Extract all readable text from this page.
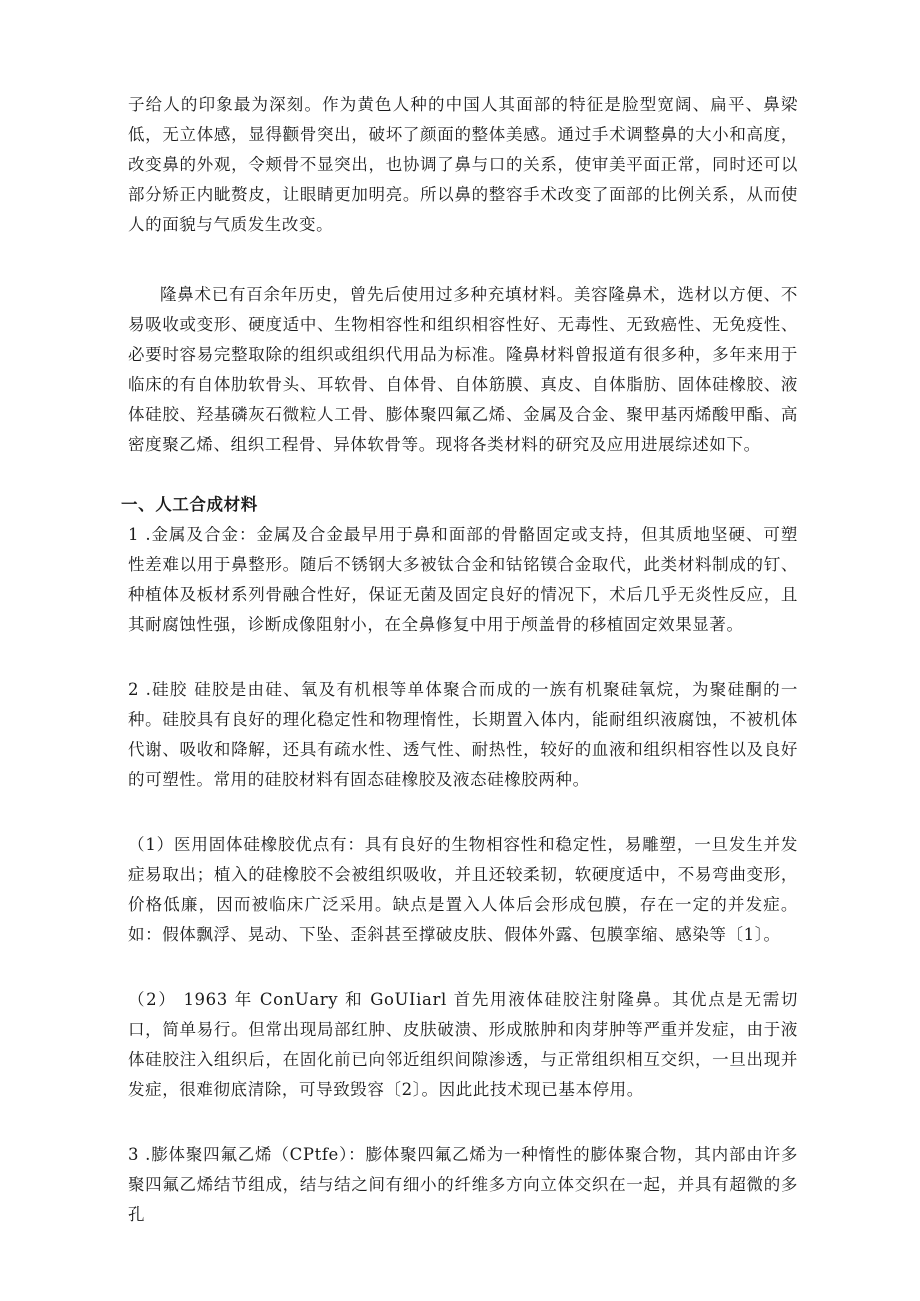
子给人的印象最为深刻。作为黄色人种的中国人其面部的特征是脸型宽阔、扁平、鼻梁低，无立体感，显得颧骨突出，破坏了颜面的整体美感。通过手术调整鼻的大小和高度，改变鼻的外观，令颊骨不显突出，也协调了鼻与口的关系，使审美平面正常，同时还可以部分矫正内眦赘皮，让眼睛更加明亮。所以鼻的整容手术改变了面部的比例关系，从而使人的面貌与气质发生改变。

隆鼻术已有百余年历史，曾先后使用过多种充填材料。美容隆鼻术，选材以方便、不易吸收或变形、硬度适中、生物相容性和组织相容性好、无毒性、无致癌性、无免疫性、必要时容易完整取除的组织或组织代用品为标准。隆鼻材料曾报道有很多种，多年来用于临床的有自体肋软骨头、耳软骨、自体骨、自体筋膜、真皮、自体脂肪、固体硅橡胶、液体硅胶、羟基磷灰石微粒人工骨、膨体聚四氟乙烯、金属及合金、聚甲基丙烯酸甲酯、高密度聚乙烯、组织工程骨、异体软骨等。现将各类材料的研究及应用进展综述如下。

一、人工合成材料

1 .金属及合金：金属及合金最早用于鼻和面部的骨骼固定或支持，但其质地坚硬、可塑性差难以用于鼻整形。随后不锈钢大多被钛合金和钴铭镆合金取代，此类材料制成的钉、种植体及板材系列骨融合性好，保证无菌及固定良好的情况下，术后几乎无炎性反应，且其耐腐蚀性强，诊断成像阻射小，在全鼻修复中用于颅盖骨的移植固定效果显著。

2 .硅胶 硅胶是由硅、氧及有机根等单体聚合而成的一族有机聚硅氧烷，为聚硅酮的一种。硅胶具有良好的理化稳定性和物理惰性，长期置入体内，能耐组织液腐蚀，不被机体代谢、吸收和降解，还具有疏水性、透气性、耐热性，较好的血液和组织相容性以及良好的可塑性。常用的硅胶材料有固态硅橡胶及液态硅橡胶两种。

（1）医用固体硅橡胶优点有：具有良好的生物相容性和稳定性，易雕塑，一旦发生并发症易取出；植入的硅橡胶不会被组织吸收，并且还较柔韧，软硬度适中，不易弯曲变形，价格低廉，因而被临床广泛采用。缺点是置入人体后会形成包膜，存在一定的并发症。如：假体飘浮、晃动、下坠、歪斜甚至撑破皮肤、假体外露、包膜挛缩、感染等〔1〕。

（2） 1963 年 ConUary 和 GoUIiarl 首先用液体硅胶注射隆鼻。其优点是无需切口，简单易行。但常出现局部红肿、皮肤破溃、形成脓肿和肉芽肿等严重并发症，由于液体硅胶注入组织后，在固化前已向邻近组织间隙渗透，与正常组织相互交织，一旦出现并发症，很难彻底清除，可导致毁容〔2〕。因此此技术现已基本停用。

3 .膨体聚四氟乙烯（CPtfe）：膨体聚四氟乙烯为一种惰性的膨体聚合物，其内部由许多聚四氟乙烯结节组成，结与结之间有细小的纤维多方向立体交织在一起，并具有超微的多孔
